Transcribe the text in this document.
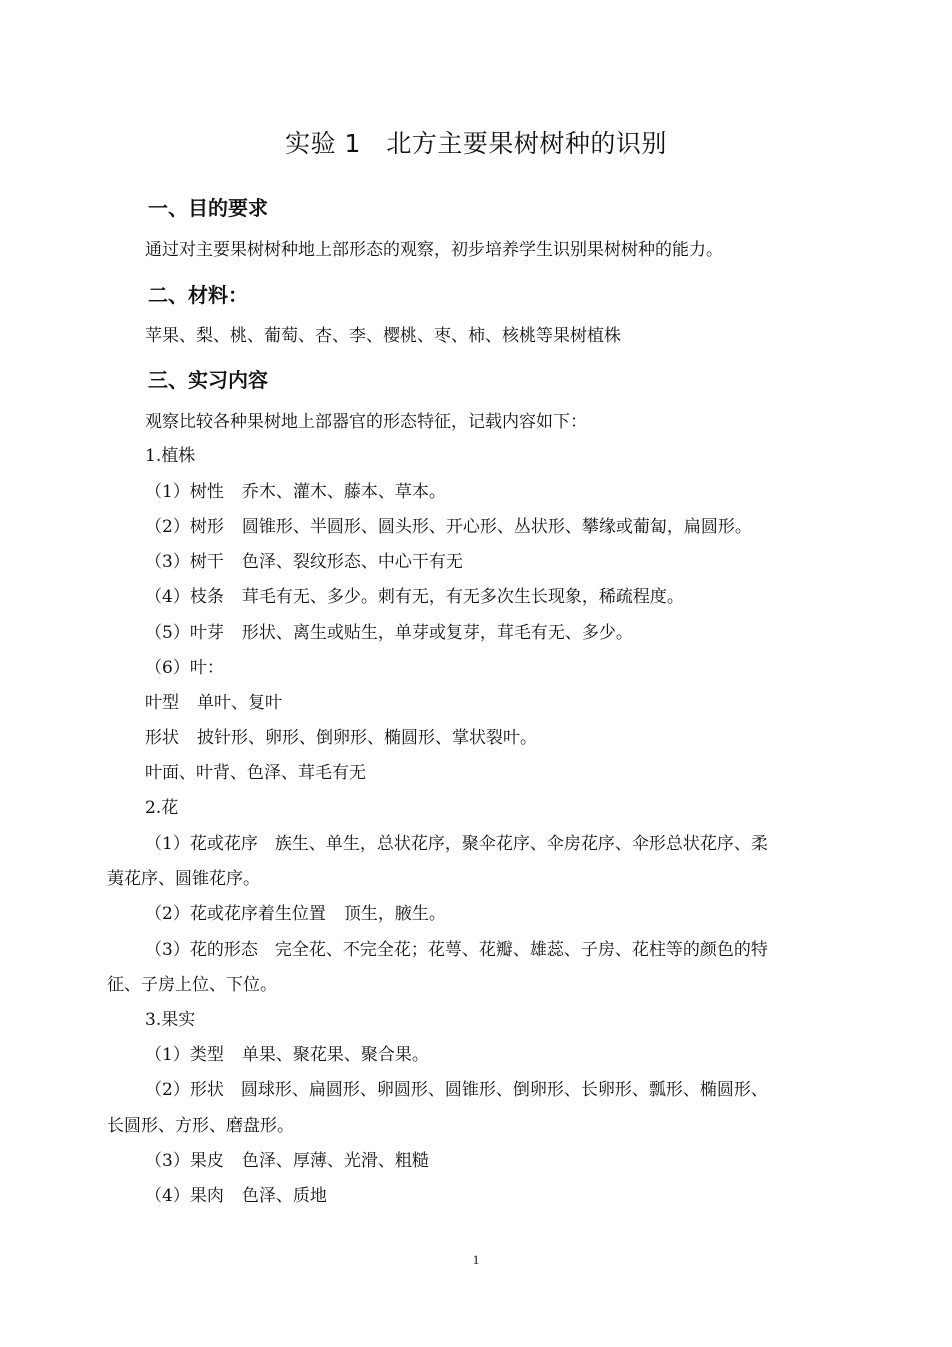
实验 1　北方主要果树树种的识别
一、目的要求
通过对主要果树树种地上部形态的观察，初步培养学生识别果树树种的能力。
二、材料：
苹果、梨、桃、葡萄、杏、李、樱桃、枣、柿、核桃等果树植株
三、实习内容
观察比较各种果树地上部器官的形态特征，记载内容如下：
1.植株
（1）树性 乔木、灌木、藤本、草本。
（2）树形 圆锥形、半圆形、圆头形、开心形、丛状形、攀缘或葡匐，扁圆形。
（3）树干 色泽、裂纹形态、中心干有无
（4）枝条 茸毛有无、多少。刺有无，有无多次生长现象，稀疏程度。
（5）叶芽 形状、离生或贴生，单芽或复芽，茸毛有无、多少。
（6）叶：
叶型 单叶、复叶
形状 披针形、卵形、倒卵形、椭圆形、掌状裂叶。
叶面、叶背、色泽、茸毛有无
2.花
（1）花或花序　族生、单生，总状花序，聚伞花序、伞房花序、伞形总状花序、柔
荑花序、圆锥花序。
（2）花或花序着生位置 顶生，腋生。
（3）花的形态　完全花、不完全花；花萼、花瓣、雄蕊、子房、花柱等的颜色的特
征、子房上位、下位。
3.果实
（1）类型 单果、聚花果、聚合果。
（2）形状　圆球形、扁圆形、卵圆形、圆锥形、倒卵形、长卵形、瓢形、椭圆形、
长圆形、方形、磨盘形。
（3）果皮 色泽、厚薄、光滑、粗糙
（4）果肉 色泽、质地
1
